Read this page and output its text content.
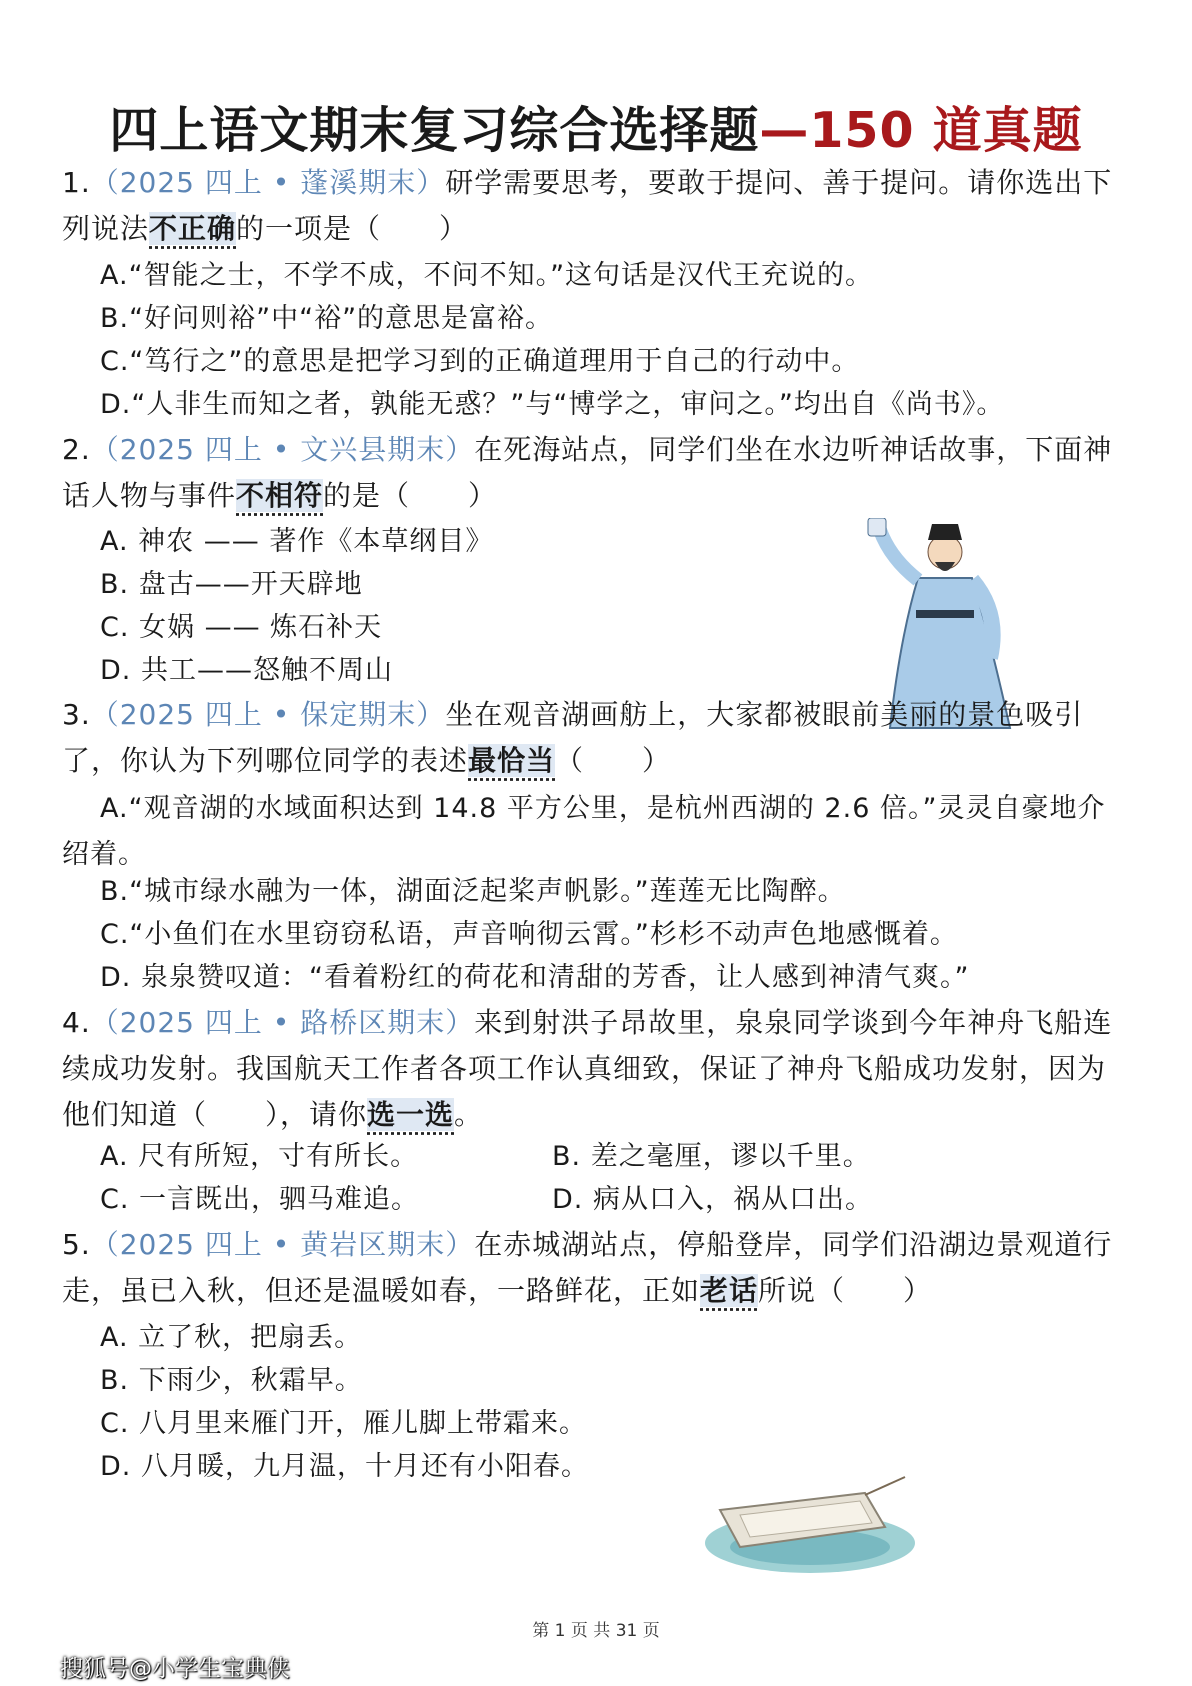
四上语文期末复习综合选择题—150 道真题
1.（2025 四上 • 蓬溪期末）研学需要思考，要敢于提问、善于提问。请你选出下列说法不正确的一项是（　　）
A.“智能之士，不学不成，不问不知。”这句话是汉代王充说的。
B.“好问则裕”中“裕”的意思是富裕。
C.“笃行之”的意思是把学习到的正确道理用于自己的行动中。
D.“人非生而知之者，孰能无惑？”与“博学之，审问之。”均出自《尚书》。
2.（2025 四上 • 文兴县期末）在死海站点，同学们坐在水边听神话故事，下面神话人物与事件不相符的是（　　）
A. 神农 —— 著作《本草纲目》
B. 盘古——开天辟地
C. 女娲 —— 炼石补天
D. 共工——怒触不周山
3.（2025 四上 • 保定期末）坐在观音湖画舫上，大家都被眼前美丽的景色吸引了，你认为下列哪位同学的表述最恰当（　　）
A.“观音湖的水域面积达到 14.8 平方公里，是杭州西湖的 2.6 倍。”灵灵自豪地介绍着。
B.“城市绿水融为一体，湖面泛起桨声帆影。”莲莲无比陶醉。
C.“小鱼们在水里窃窃私语，声音响彻云霄。”杉杉不动声色地感慨着。
D. 泉泉赞叹道：“看着粉红的荷花和清甜的芳香，让人感到神清气爽。”
4.（2025 四上 • 路桥区期末）来到射洪子昂故里，泉泉同学谈到今年神舟飞船连续成功发射。我国航天工作者各项工作认真细致，保证了神舟飞船成功发射，因为他们知道（　　），请你选一选。
A. 尺有所短，寸有所长。	B. 差之毫厘，谬以千里。
C. 一言既出，驷马难追。	D. 病从口入，祸从口出。
5.（2025 四上 • 黄岩区期末）在赤城湖站点，停船登岸，同学们沿湖边景观道行走，虽已入秋，但还是温暖如春，一路鲜花，正如老话所说（　　）
A. 立了秋，把扇丢。
B. 下雨少，秋霜早。
C. 八月里来雁门开，雁儿脚上带霜来。
D. 八月暖，九月温，十月还有小阳春。
第 1 页 共 31 页
搜狐号@小学生宝典侠
